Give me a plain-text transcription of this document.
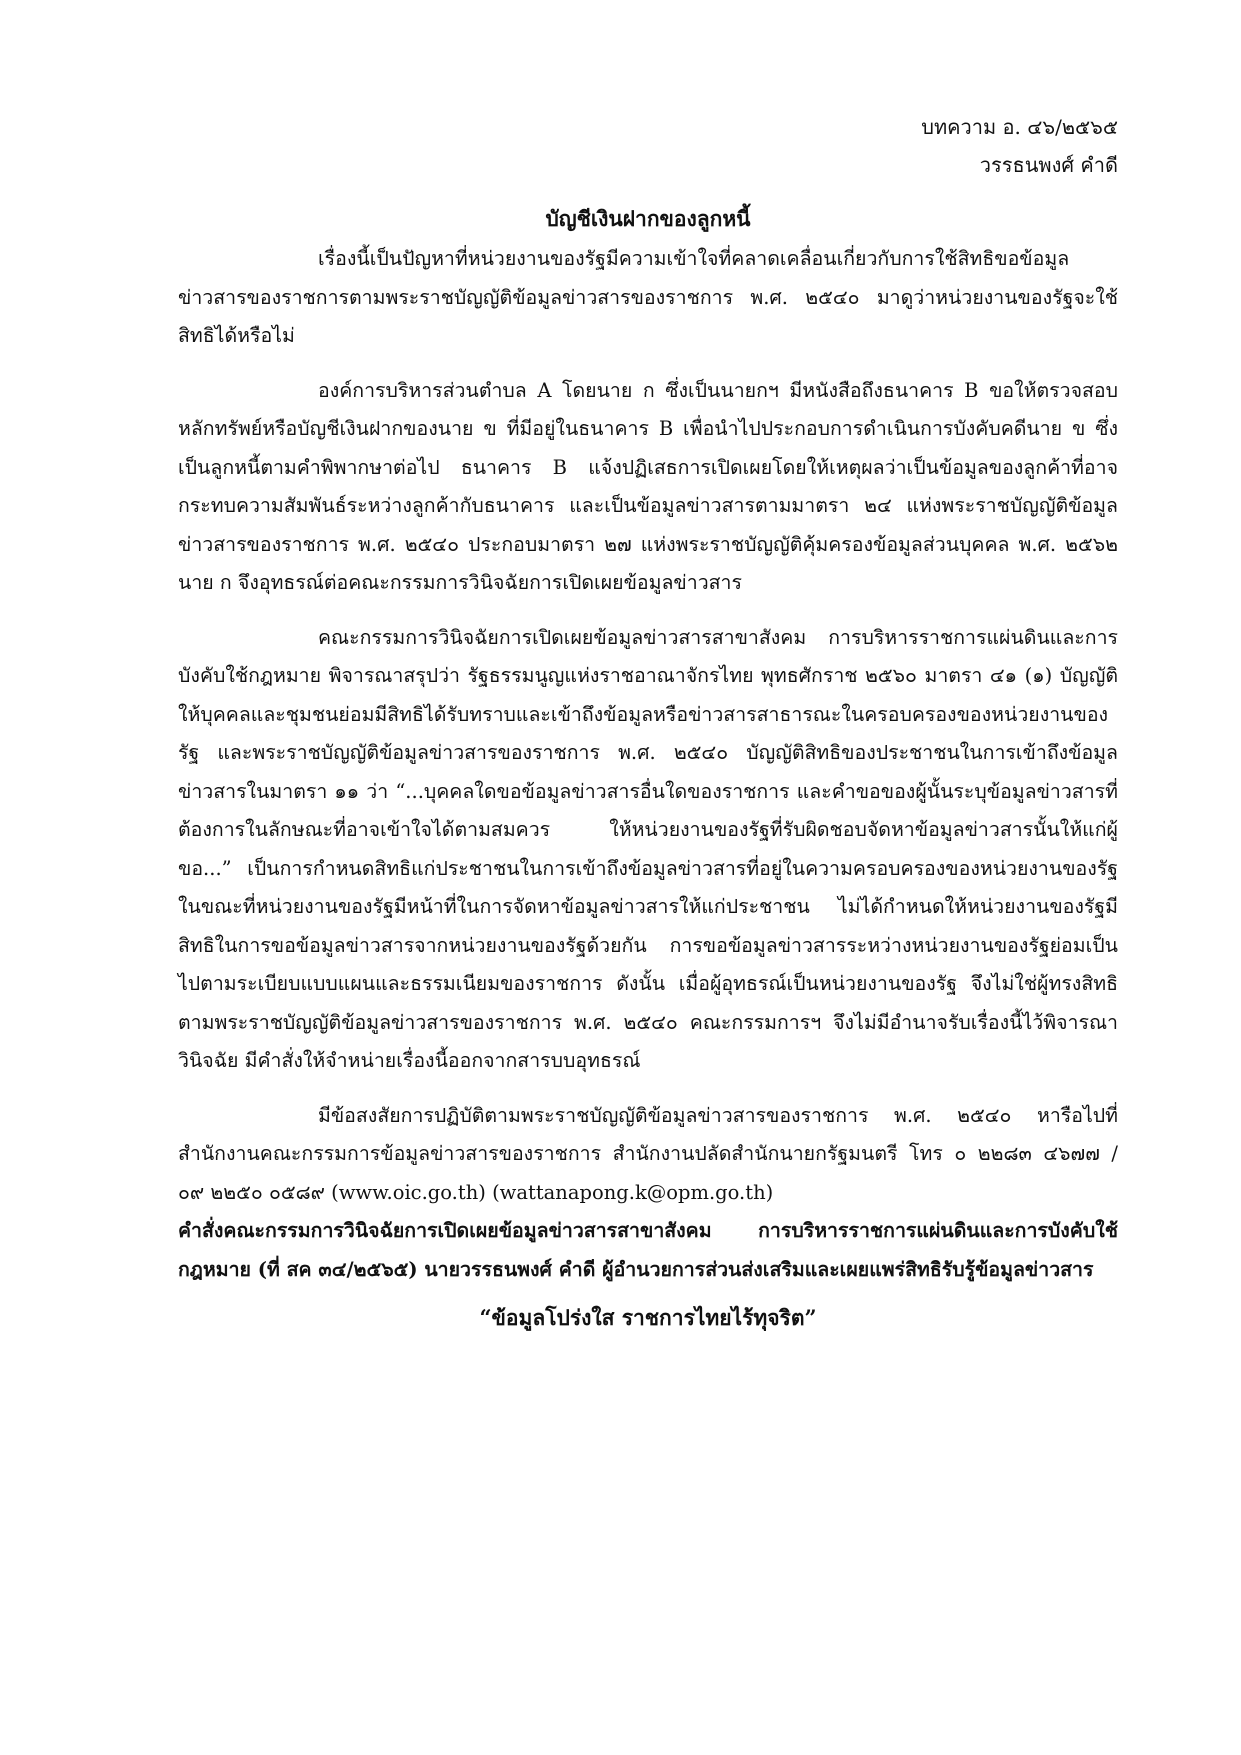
บทความ อ. ๔๖/๒๕๖๕
วรรธนพงศ์ คำดี
บัญชีเงินฝากของลูกหนี้

เรื่องนี้เป็นปัญหาที่หน่วยงานของรัฐมีความเข้าใจที่คลาดเคลื่อนเกี่ยวกับการใช้สิทธิขอข้อมูลข่าวสารของราชการตามพระราชบัญญัติข้อมูลข่าวสารของราชการ พ.ศ. ๒๕๔๐ มาดูว่าหน่วยงานของรัฐจะใช้สิทธิได้หรือไม่

องค์การบริหารส่วนตำบล A โดยนาย ก ซึ่งเป็นนายกฯ มีหนังสือถึงธนาคาร B ขอให้ตรวจสอบหลักทรัพย์หรือบัญชีเงินฝากของนาย ข ที่มีอยู่ในธนาคาร B เพื่อนำไปประกอบการดำเนินการบังคับคดีนาย ข ซึ่งเป็นลูกหนี้ตามคำพิพากษาต่อไป ธนาคาร B แจ้งปฏิเสธการเปิดเผยโดยให้เหตุผลว่าเป็นข้อมูลของลูกค้าที่อาจกระทบความสัมพันธ์ระหว่างลูกค้ากับธนาคาร และเป็นข้อมูลข่าวสารตามมาตรา ๒๔ แห่งพระราชบัญญัติข้อมูลข่าวสารของราชการ พ.ศ. ๒๕๔๐ ประกอบมาตรา ๒๗ แห่งพระราชบัญญัติคุ้มครองข้อมูลส่วนบุคคล พ.ศ. ๒๕๖๒ นาย ก จึงอุทธรณ์ต่อคณะกรรมการวินิจฉัยการเปิดเผยข้อมูลข่าวสาร

คณะกรรมการวินิจฉัยการเปิดเผยข้อมูลข่าวสารสาขาสังคม การบริหารราชการแผ่นดินและการบังคับใช้กฎหมาย พิจารณาสรุปว่า รัฐธรรมนูญแห่งราชอาณาจักรไทย พุทธศักราช ๒๕๖๐ มาตรา ๔๑ (๑) บัญญัติให้บุคคลและชุมชนย่อมมีสิทธิได้รับทราบและเข้าถึงข้อมูลหรือข่าวสารสาธารณะในครอบครองของหน่วยงานของรัฐ และพระราชบัญญัติข้อมูลข่าวสารของราชการ พ.ศ. ๒๕๔๐ บัญญัติสิทธิของประชาชนในการเข้าถึงข้อมูลข่าวสารในมาตรา ๑๑ ว่า “...บุคคลใดขอข้อมูลข่าวสารอื่นใดของราชการ และคำขอของผู้นั้นระบุข้อมูลข่าวสารที่ต้องการในลักษณะที่อาจเข้าใจได้ตามสมควร ให้หน่วยงานของรัฐที่รับผิดชอบจัดหาข้อมูลข่าวสารนั้นให้แก่ผู้ขอ...” เป็นการกำหนดสิทธิแก่ประชาชนในการเข้าถึงข้อมูลข่าวสารที่อยู่ในความครอบครองของหน่วยงานของรัฐ ในขณะที่หน่วยงานของรัฐมีหน้าที่ในการจัดหาข้อมูลข่าวสารให้แก่ประชาชน ไม่ได้กำหนดให้หน่วยงานของรัฐมีสิทธิในการขอข้อมูลข่าวสารจากหน่วยงานของรัฐด้วยกัน การขอข้อมูลข่าวสารระหว่างหน่วยงานของรัฐย่อมเป็นไปตามระเบียบแบบแผนและธรรมเนียมของราชการ ดังนั้น เมื่อผู้อุทธรณ์เป็นหน่วยงานของรัฐ จึงไม่ใช่ผู้ทรงสิทธิตามพระราชบัญญัติข้อมูลข่าวสารของราชการ พ.ศ. ๒๕๔๐ คณะกรรมการฯ จึงไม่มีอำนาจรับเรื่องนี้ไว้พิจารณาวินิจฉัย มีคำสั่งให้จำหน่ายเรื่องนี้ออกจากสารบบอุทธรณ์

มีข้อสงสัยการปฏิบัติตามพระราชบัญญัติข้อมูลข่าวสารของราชการ พ.ศ. ๒๕๔๐ หารือไปที่สำนักงานคณะกรรมการข้อมูลข่าวสารของราชการ สำนักงานปลัดสำนักนายกรัฐมนตรี โทร ๐ ๒๒๘๓ ๔๖๗๗ / ๐๙ ๒๒๕๐ ๐๕๘๙ (www.oic.go.th) (wattanapong.k@opm.go.th)

คำสั่งคณะกรรมการวินิจฉัยการเปิดเผยข้อมูลข่าวสารสาขาสังคม การบริหารราชการแผ่นดินและการบังคับใช้กฎหมาย (ที่ สค ๓๔/๒๕๖๕) นายวรรธนพงศ์ คำดี ผู้อำนวยการส่วนส่งเสริมและเผยแพร่สิทธิรับรู้ข้อมูลข่าวสาร

“ข้อมูลโปร่งใส ราชการไทยไร้ทุจริต”
